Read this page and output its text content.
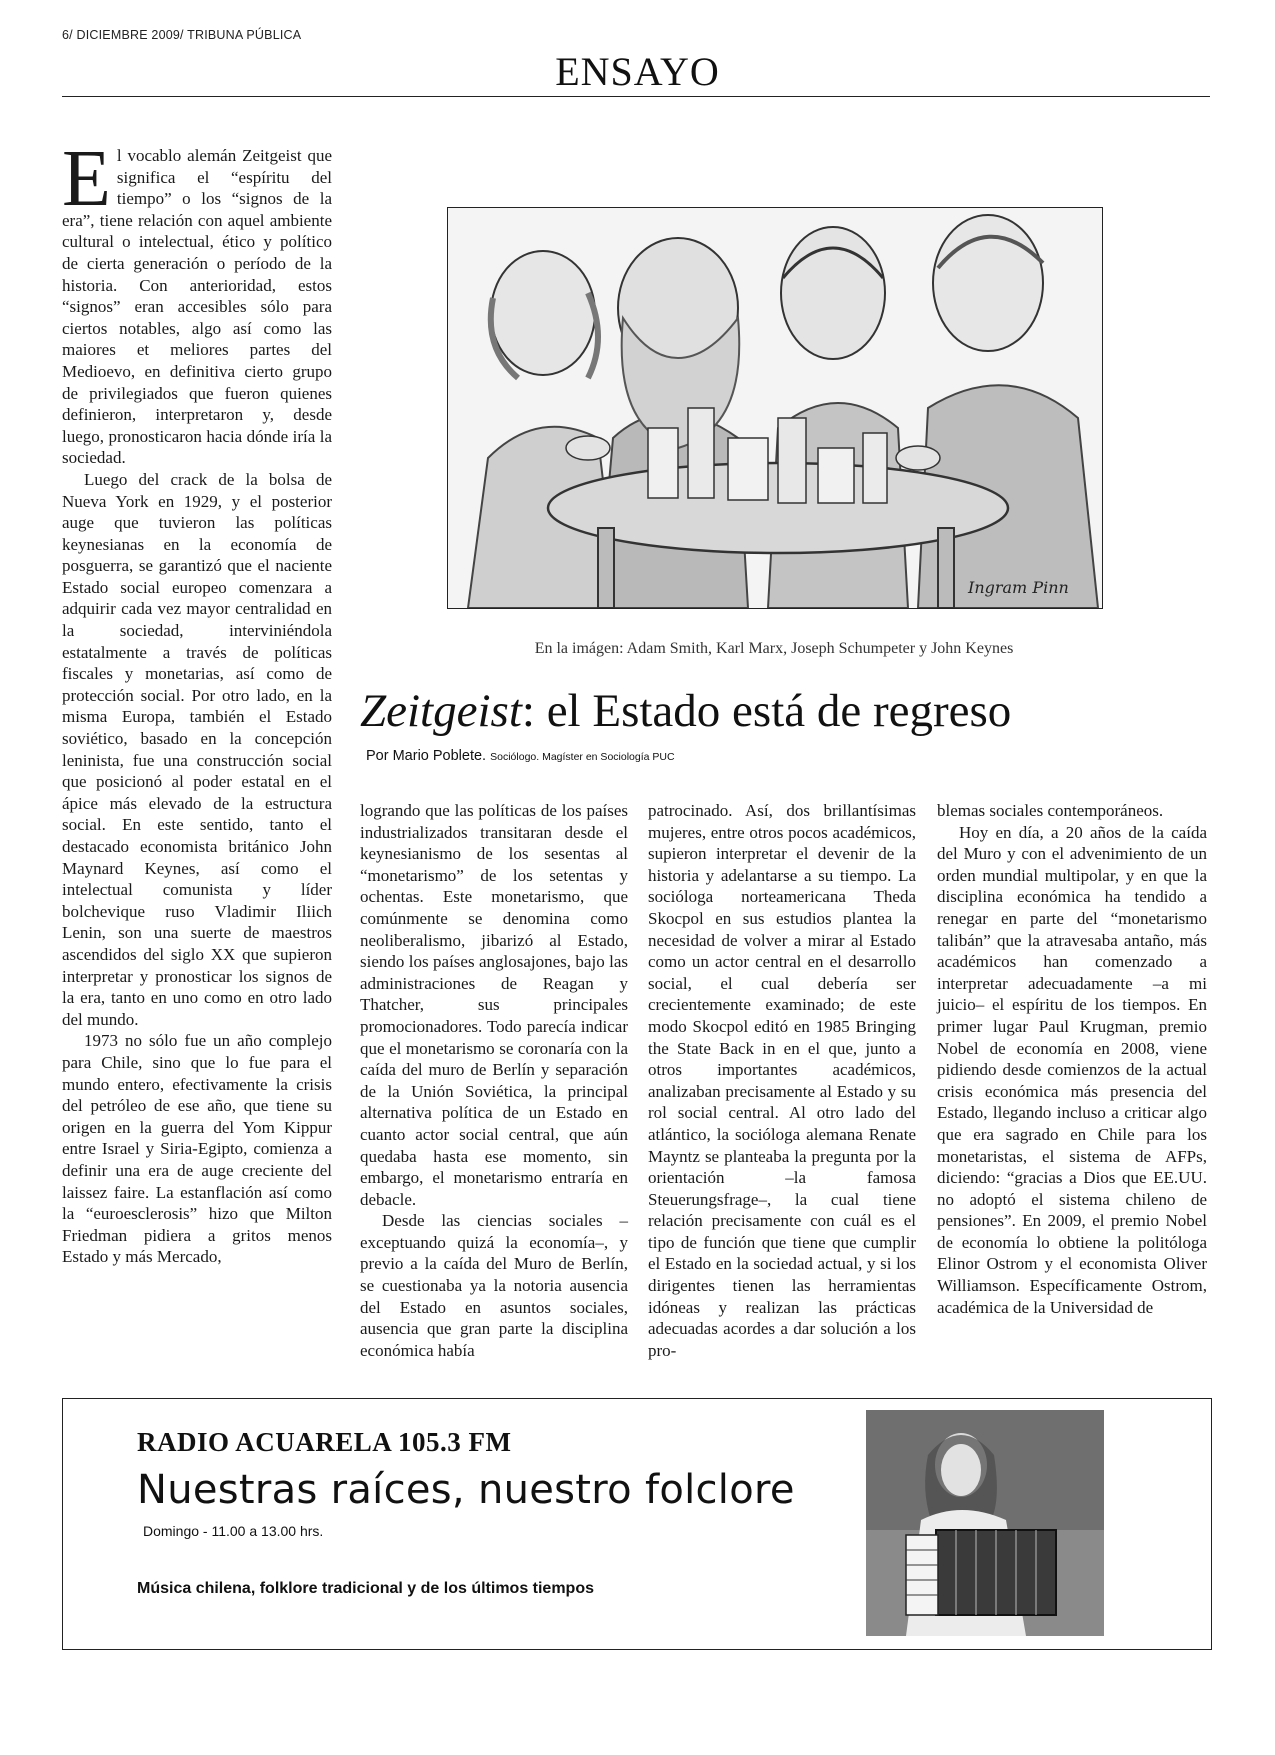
6/ DICIEMBRE 2009/ TRIBUNA PÚBLICA
ENSAYO

El vocablo alemán Zeitgeist que significa el “espíritu del tiempo” o los “signos de la era”, tiene relación con aquel ambiente cultural o intelectual, ético y político de cierta generación o período de la historia. Con anterioridad, estos “signos” eran accesibles sólo para ciertos notables, algo así como las maiores et meliores partes del Medioevo, en definitiva cierto grupo de privilegiados que fueron quienes definieron, interpretaron y, desde luego, pronosticaron hacia dónde iría la sociedad.

Luego del crack de la bolsa de Nueva York en 1929, y el posterior auge que tuvieron las políticas keynesianas en la economía de posguerra, se garantizó que el naciente Estado social europeo comenzara a adquirir cada vez mayor centralidad en la sociedad, interviniéndola estatalmente a través de políticas fiscales y monetarias, así como de protección social. Por otro lado, en la misma Europa, también el Estado soviético, basado en la concepción leninista, fue una construcción social que posicionó al poder estatal en el ápice más elevado de la estructura social. En este sentido, tanto el destacado economista británico John Maynard Keynes, así como el intelectual comunista y líder bolchevique ruso Vladimir Iliich Lenin, son una suerte de maestros ascendidos del siglo XX que supieron interpretar y pronosticar los signos de la era, tanto en uno como en otro lado del mundo.

1973 no sólo fue un año complejo para Chile, sino que lo fue para el mundo entero, efectivamente la crisis del petróleo de ese año, que tiene su origen en la guerra del Yom Kippur entre Israel y Siria-Egipto, comienza a definir una era de auge creciente del laissez faire. La estanflación así como la “euroesclerosis” hizo que Milton Friedman pidiera a gritos menos Estado y más Mercado,

Ingram Pinn
En la imágen: Adam Smith, Karl Marx, Joseph Schumpeter y John Keynes
Zeitgeist: el Estado está de regreso
Por Mario Poblete. Sociólogo. Magíster en Sociología PUC

logrando que las políticas de los países industrializados transitaran desde el keynesianismo de los sesentas al “monetarismo” de los setentas y ochentas. Este monetarismo, que comúnmente se denomina como neoliberalismo, jibarizó al Estado, siendo los países anglosajones, bajo las administraciones de Reagan y Thatcher, sus principales promocionadores. Todo parecía indicar que el monetarismo se coronaría con la caída del muro de Berlín y separación de la Unión Soviética, la principal alternativa política de un Estado en cuanto actor social central, que aún quedaba hasta ese momento, sin embargo, el monetarismo entraría en debacle.

Desde las ciencias sociales –exceptuando quizá la economía–, y previo a la caída del Muro de Berlín, se cuestionaba ya la notoria ausencia del Estado en asuntos sociales, ausencia que gran parte la disciplina económica había

patrocinado. Así, dos brillantísimas mujeres, entre otros pocos académicos, supieron interpretar el devenir de la historia y adelantarse a su tiempo. La socióloga norteamericana Theda Skocpol en sus estudios plantea la necesidad de volver a mirar al Estado como un actor central en el desarrollo social, el cual debería ser crecientemente examinado; de este modo Skocpol editó en 1985 Bringing the State Back in en el que, junto a otros importantes académicos, analizaban precisamente al Estado y su rol social central. Al otro lado del atlántico, la socióloga alemana Renate Mayntz se planteaba la pregunta por la orientación –la famosa Steuerungsfrage–, la cual tiene relación precisamente con cuál es el tipo de función que tiene que cumplir el Estado en la sociedad actual, y si los dirigentes tienen las herramientas idóneas y realizan las prácticas adecuadas acordes a dar solución a los pro-

blemas sociales contemporáneos.

Hoy en día, a 20 años de la caída del Muro y con el advenimiento de un orden mundial multipolar, y en que la disciplina económica ha tendido a renegar en parte del “monetarismo talibán” que la atravesaba antaño, más académicos han comenzado a interpretar adecuadamente –a mi juicio– el espíritu de los tiempos. En primer lugar Paul Krugman, premio Nobel de economía en 2008, viene pidiendo desde comienzos de la actual crisis económica más presencia del Estado, llegando incluso a criticar algo que era sagrado en Chile para los monetaristas, el sistema de AFPs, diciendo: “gracias a Dios que EE.UU. no adoptó el sistema chileno de pensiones”. En 2009, el premio Nobel de economía lo obtiene la politóloga Elinor Ostrom y el economista Oliver Williamson. Específicamente Ostrom, académica de la Universidad de

RADIO ACUARELA 105.3 FM
Nuestras raíces, nuestro folclore
Domingo - 11.00 a 13.00 hrs.
Música chilena, folklore tradicional y de los últimos tiempos
